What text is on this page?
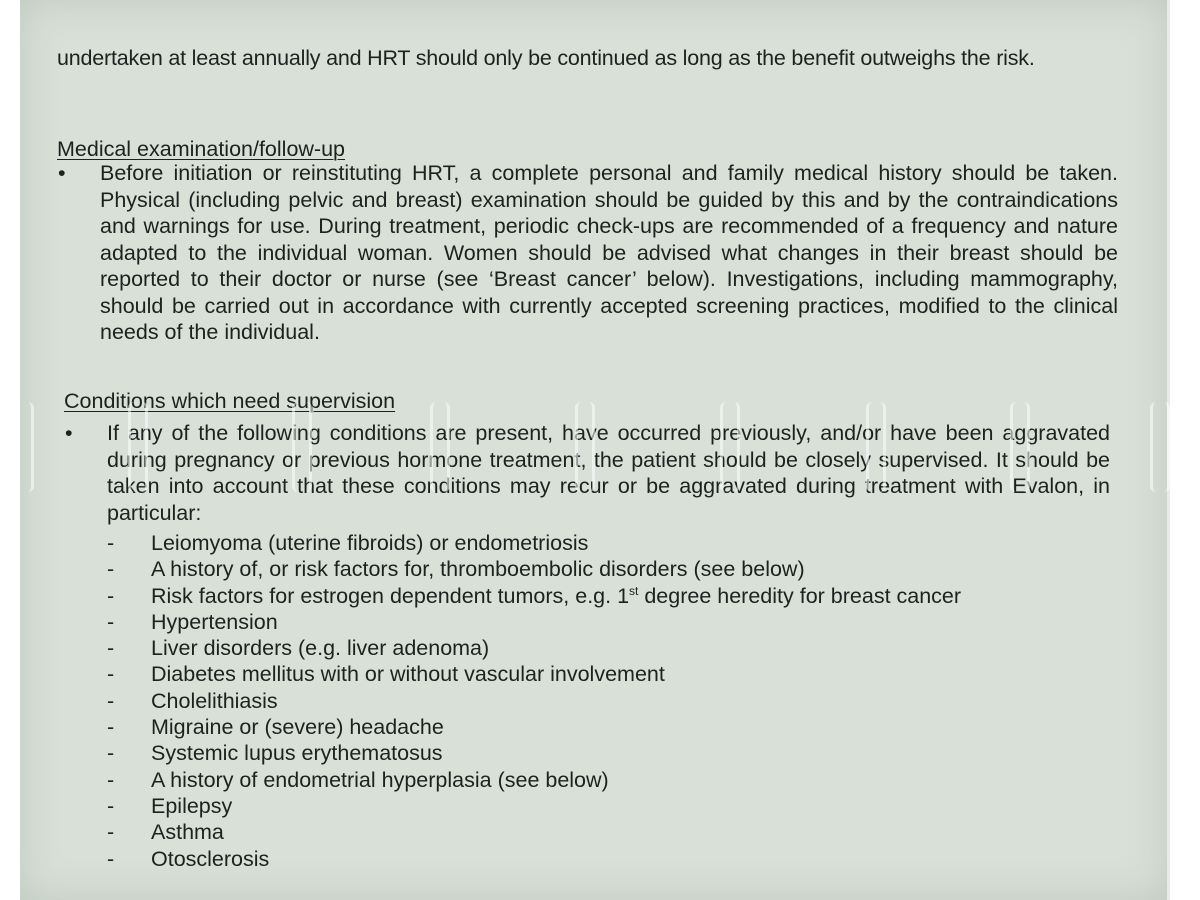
undertaken at least annually and HRT should only be continued as long as the benefit outweighs the risk.
Medical examination/follow-up
• Before initiation or reinstituting HRT, a complete personal and family medical history should be taken. Physical (including pelvic and breast) examination should be guided by this and by the contraindications and warnings for use. During treatment, periodic check-ups are recommended of a frequency and nature adapted to the individual woman. Women should be advised what changes in their breast should be reported to their doctor or nurse (see ‘Breast cancer’ below). Investigations, including mammography, should be carried out in accordance with currently accepted screening practices, modified to the clinical needs of the individual.
Conditions which need supervision
• If any of the following conditions are present, have occurred previously, and/or have been aggravated during pregnancy or previous hormone treatment, the patient should be closely supervised. It should be taken into account that these conditions may recur or be aggravated during treatment with Evalon, in particular:
- Leiomyoma (uterine fibroids) or endometriosis
- A history of, or risk factors for, thromboembolic disorders (see below)
- Risk factors for estrogen dependent tumors, e.g. 1st degree heredity for breast cancer
- Hypertension
- Liver disorders (e.g. liver adenoma)
- Diabetes mellitus with or without vascular involvement
- Cholelithiasis
- Migraine or (severe) headache
- Systemic lupus erythematosus
- A history of endometrial hyperplasia (see below)
- Epilepsy
- Asthma
- Otosclerosis
